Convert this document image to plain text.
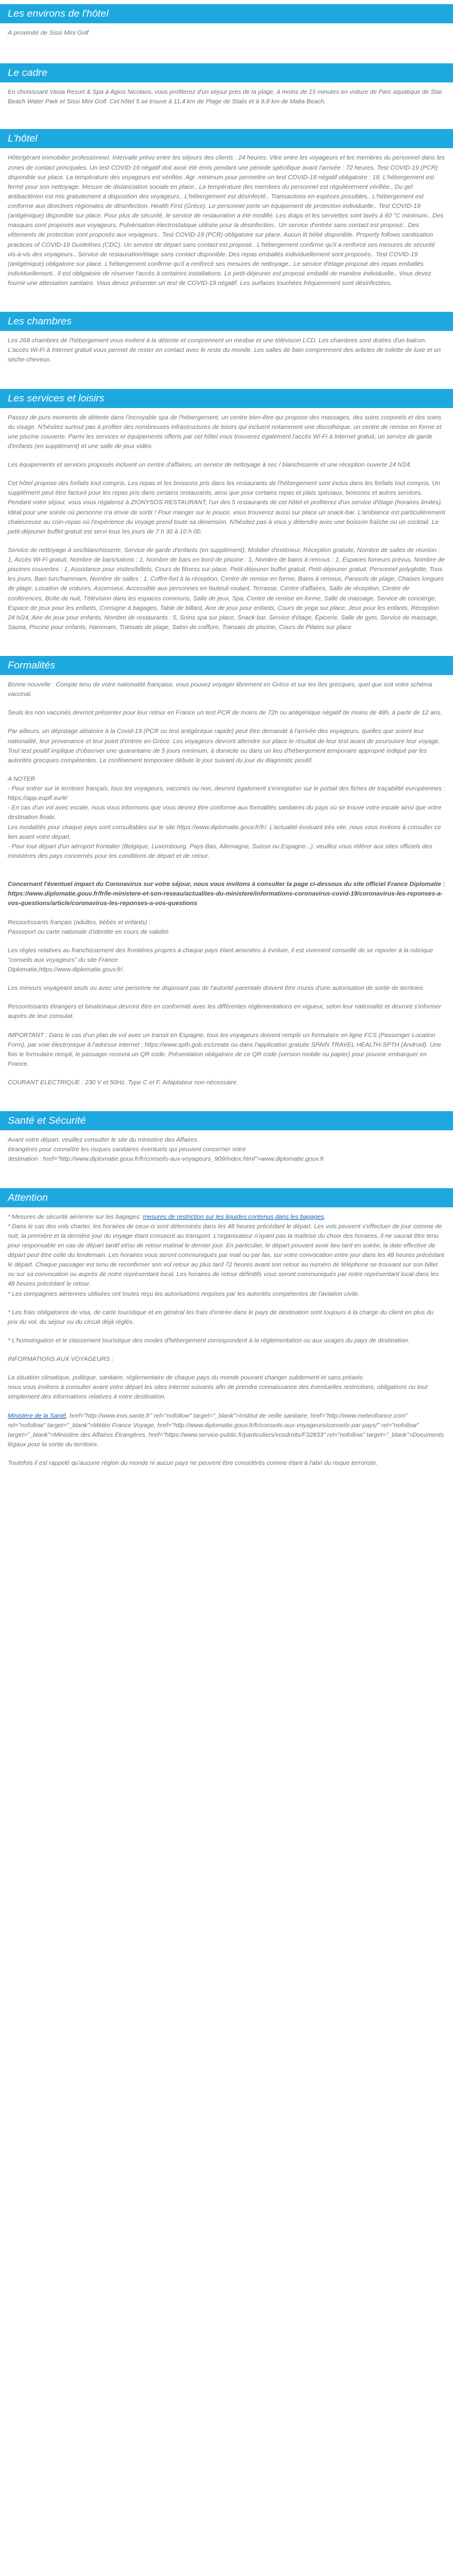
Les environs de l'hôtel

À proximité de Sissi Mini Golf

Le cadre

En choisissant Vasia Resort & Spa à Agios Nicolaos, vous profiterez d'un séjour près de la plage, à moins de 15 minutes en voiture de Parc aquatique de Star Beach Water Park et Sissi Mini Golf. Cet hôtel 5 se trouve à 11,4 km de Plage de Stalis et à 9,8 km de Malia Beach.

L'hôtel

Hôte/gérant immobilier professionnel. Intervalle prévu entre les séjours des clients : 24 heures. Vitre entre les voyageurs et les membres du personnel dans les zones de contact principales. Un test COVID-19 négatif doit avoir été émis pendant une période spécifique avant l'arrivée : 72 heures. Test COVID-19 (PCR) disponible sur place. La température des voyageurs est vérifiée. Agr. minimum pour permettre un test COVID-19 négatif obligatoire : 18. L'hébergement est fermé pour son nettoyage. Mesure de distanciation sociale en place.. La température des membres du personnel est régulièrement vérifiée.. Du gel antibactérien est mis gratuitement à disposition des voyageurs.. L'hébergement est désinfecté.. Transactions en espèces possibles.. L'hébergement est conforme aux directives régionales de désinfection. Health First (Grèce). Le personnel porte un équipement de protection individuelle.. Test COVID-19 (antigénique) disponible sur place. Pour plus de sécurité, le service de restauration a été modifié. Les draps et les serviettes sont lavés à 60 °C minimum.. Des masques sont proposés aux voyageurs. Pulvérisation électrostatique utilisée pour la désinfection.. Un service d'entrée sans contact est proposé.. Des vêtements de protection sont proposés aux voyageurs.. Test COVID-19 (PCR) obligatoire sur place. Aucun lit bébé disponible. Property follows sanitization practices of COVID-19 Guidelines (CDC). Un service de départ sans contact est proposé.. L'hébergement confirme qu'il a renforcé ses mesures de sécurité vis-à-vis des voyageurs.. Service de restauration/étage sans contact disponible. Des repas emballés individuellement sont proposés.. Test COVID-19 (antigénique) obligatoire sur place. L'hébergement confirme qu'il a renforcé ses mesures de nettoyage.. Le service d'étage proposé des repas emballés individuellement.. Il est obligatoire de réserver l'accès à certaines installations. Le petit-déjeuner est proposé emballé de manière individuelle.. Vous devez fournir une attestation sanitaire. Vous devez présenter un test de COVID-19 négatif. Les surfaces touchées fréquemment sont désinfectées.

Les chambres

Les 268 chambres de l'hébergement vous invitent à la détente et comprennent un minibar et une télévision LCD. Les chambres sont dotées d'un balcon. L'accès Wi-Fi à Internet gratuit vous permet de rester en contact avec le reste du monde. Les salles de bain comprennent des articles de toilette de luxe et un sèche-cheveux.

Les services et loisirs

Passez de purs moments de détente dans l'incroyable spa de l'hébergement, un centre bien-être qui propose des massages, des soins corporels et des soins du visage. N'hésitez surtout pas à profiter des nombreuses infrastructures de loisirs qui incluent notamment une discothèque, un centre de remise en forme et une piscine couverte. Parmi les services et équipements offerts par cet hôtel vous trouverez également l'accès Wi-Fi à Internet gratuit, un service de garde d'enfants (en supplément) et une salle de jeux vidéo.

Les équipements et services proposés incluent un centre d'affaires, un service de nettoyage à sec / blanchisserie et une réception ouverte 24 h/24.

Cet hôtel propose des forfaits tout compris. Les repas et les boissons pris dans les restaurants de l'hébergement sont inclus dans les forfaits tout compris. Un supplément peut être facturé pour les repas pris dans certains restaurants, ainsi que pour certains repas et plats spéciaux, boissons et autres services. Pendant votre séjour, vous vous régalerez à ZIONYSOS RESTAURANT, l'un des 5 restaurants de cet hôtel et profiterez d'un service d'étage (horaires limités). Idéal pour une soirée où personne n'a envie de sortir ! Pour manger sur le pouce, vous trouverez aussi sur place un snack-bar. L'ambiance est particulièrement chaleureuse au coin-repas où l'expérience du voyage prend toute sa dimension. N'hésitez pas à vous y détendre avec une boisson fraîche ou un cocktail. Le petit-déjeuner buffet gratuit est servi tous les jours de 7 h 30 à 10 h 00.

Service de nettoyage à sec/blanchisserie, Service de garde d'enfants (en supplément), Mobilier d'extérieur, Réception gratuite, Nombre de salles de réunion : 1, Accès Wi-Fi gratuit, Nombre de bars/salons : 1, Nombre de bars en bord de piscine : 1, Nombre de bains à remous : 1, Espaces fumeurs prévus, Nombre de piscines couvertes : 1, Assistance pour visites/billets, Cours de fitness sur place, Petit-déjeuner buffet gratuit, Petit-déjeuner gratuit, Personnel polyglotte, Tous les jours, Bain turc/hammam, Nombre de salles : 1, Coffre-fort à la réception, Centre de remise en forme, Bains à remous, Parasols de plage, Chaises longues de plage, Location de voitures, Ascenseur, Accessible aux personnes en fauteuil roulant, Terrasse, Centre d'affaires, Salle de réception, Centre de conférences, Boîte de nuit, Télévision dans les espaces communs, Salle de jeux, Spa, Centre de remise en forme, Salle de massage, Service de concierge, Espace de jeux pour les enfants, Consigne à bagages, Table de billard, Aire de jeux pour enfants, Cours de yoga sur place, Jeux pour les enfants, Réception 24 h/24, Aire de jeux pour enfants, Nombre de restaurants : 5, Soins spa sur place, Snack-bar, Service d'étage, Épicerie, Salle de gym, Service de massage, Sauna, Piscine pour enfants, Hammam, Transats de plage, Salon de coiffure, Transats de piscine, Cours de Pilates sur place

Formalités

Bonne nouvelle : Compte tenu de votre nationalité française, vous pouvez voyager librement en Grèce et sur les îles grecques, quel que soit votre schéma vaccinal.

Seuls les non vaccinés devront présenter pour leur retour en France un test PCR de moins de 72h ou antigénique négatif de moins de 48h, à partir de 12 ans.

Par ailleurs, un dépistage aléatoire à la Covid-19 (PCR ou test antigénique rapide) peut être demandé à l'arrivée des voyageurs, quelles que soient leur nationalité, leur provenance et leur point d'entrée en Grèce. Les voyageurs devront attendre sur place le résultat de leur test avant de poursuivre leur voyage. Tout test positif implique d'observer une quarantaine de 5 jours minimum, à domicile ou dans un lieu d'hébergement temporaire approprié indiqué par les autorités grecques compétentes. Le confinement temporaire débute le jour suivant du jour du diagnostic positif.

A NOTER
- Pour entrer sur le territoire français, tous les voyageurs, vaccinés ou non, devront également s'enregistrer sur le portail des fiches de traçabilité européennes : https://app.euplf.eu/#/
- En cas d'un vol avec escale, nous vous informons que vous devrez être conforme aux formalités sanitaires du pays où se trouve votre escale ainsi que votre destination finale.
Les modalités pour chaque pays sont consultables sur le site https://www.diplomatie.gouv.fr/fr/. L'actualité évoluant très vite, nous vous invitons à consulter ce lien avant votre départ.
- Pour tout départ d'un aéroport frontalier (Belgique, Luxembourg, Pays-Bas, Allemagne, Suisse ou Espagne...), veuillez vous référer aux sites officiels des ministères des pays concernés pour les conditions de départ et de retour.

Concernant l'éventuel impact du Coronavirus sur votre séjour, nous vous invitons à consulter la page ci-dessous du site officiel France Diplomatie :
https://www.diplomatie.gouv.fr/fr/le-ministere-et-son-reseau/actualites-du-ministere/informations-coronavirus-covid-19/coronavirus-les-reponses-a-vos-questions/article/coronavirus-les-reponses-a-vos-questions

Ressortissants français (adultes, bébés et enfants) :
Passeport ou carte nationale d'identité en cours de validité.

Les règles relatives au franchissement des frontières propres à chaque pays étant amenées à évoluer, il est vivement conseillé de se reporter à la rubrique "conseils aux voyageurs" du site France
Diplomatie,https://www.diplomatie.gouv.fr/.

Les mineurs voyageant seuls ou avec une personne ne disposant pas de l'autorité parentale doivent être munis d'une autorisation de sortie de territoire.

Ressortissants étrangers et binationaux devront être en conformité avec les différentes réglementations en vigueur, selon leur nationalité et devront s'informer auprès de leur consulat.

IMPORTANT : Dans le cas d'un plan de vol avec un transit en Espagne, tous les voyageurs doivent remplir un formulaire en ligne FCS (Passenger Location Form), par voie électronique à l'adresse internet : https://www.spth.gob.es/create ou dans l'application gratuite SPAIN TRAVEL HEALTH-SPTH (Android). Une fois le formulaire rempli, le passager recevra un QR code. Présentation obligatoire de ce QR code (version mobile ou papier) pour pouvoir embarquer en France.

COURANT ELECTRIQUE : 230 V et 50Hz. Type C et F. Adaptateur non nécessaire.

Santé et Sécurité

Avant votre départ, veuillez consulter le site du ministère des Affaires
étrangères pour connaître les risques sanitaires éventuels qui peuvent concerner votre
destination : href="http://www.diplomatie.gouv.fr/fr/conseils-aux-voyageurs_909/index.html">www.diplomatie.gouv.fr

Attention

* Mesures de sécurité aérienne sur les bagages: mesures de restriction sur les liquides contenus dans les bagages.

* Dans le cas des vols charter, les horaires de ceux-ci sont déterminés dans les 48 heures précédant le départ. Les vols peuvent s'effectuer de jour comme de nuit, la première et la dernière jour du voyage étant consacré au transport. L'organisateur n'ayant pas la maîtrise du choix des horaires, il ne saurait être tenu pour responsable en cas de départ tardif et/ou de retour matinal le dernier jour. En particulier, le départ pouvant avoir lieu tard en soirée, la date effective de départ peut être celle du lendemain. Les horaires vous seront communiqués par mail ou par fax, sur votre convocation entre jour dans les 48 heures précédant le départ. Chaque passager est tenu de reconfirmer son vol retour au plus tard 72 heures avant son retour au numéro de téléphone se trouvant sur son billet ou sur sa convocation ou auprès de notre représentant local. Les horaires de retour définitifs vous seront communiqués par notre représentant local dans les 48 heures précédant le retour.
* Les compagnies aériennes utilisées ont toutes reçu les autorisations requises par les autorités compétentes de l'aviation civile.

* Les frais obligatoires de visa, de carte touristique et en général les frais d'entrée dans le pays de destination sont toujours à la charge du client en plus du prix du vol, du séjour ou du circuit déjà réglés.

* L'homologation et le classement touristique des modes d'hébergement correspondent à la réglementation ou aux usages du pays de destination.

INFORMATIONS AUX VOYAGEURS :

La situation climatique, politique, sanitaire, réglementaire de chaque pays du monde pouvant changer subitement et sans préavis
nous vous invitons à consulter avant votre départ les sites internet suivants afin de prendre connaissance des éventuelles restrictions, obligations ou tout simplement des informations relatives à votre destination.

Ministère de la Santé, href="http://www.invs.sante.fr" rel="nofollow" target="_blank">Institut de veille sanitaire, href="http://www.meteofrance.com" rel="nofollow" target="_blank">Météo France Voyage, href="http://www.diplomatie.gouv.fr/fr/conseils-aux-voyageurs/conseils-par-pays/" rel="nofollow" target="_blank">Ministère des Affaires Étrangères, href="https://www.service-public.fr/particuliers/vosdroits/F32833" rel="nofollow" target="_blank">Documents légaux pour la sortie du territoire.

Toutefois il est rappelé qu'aucune région du monde ni aucun pays ne peuvent être considérés comme étant à l'abri du risque terroriste.
